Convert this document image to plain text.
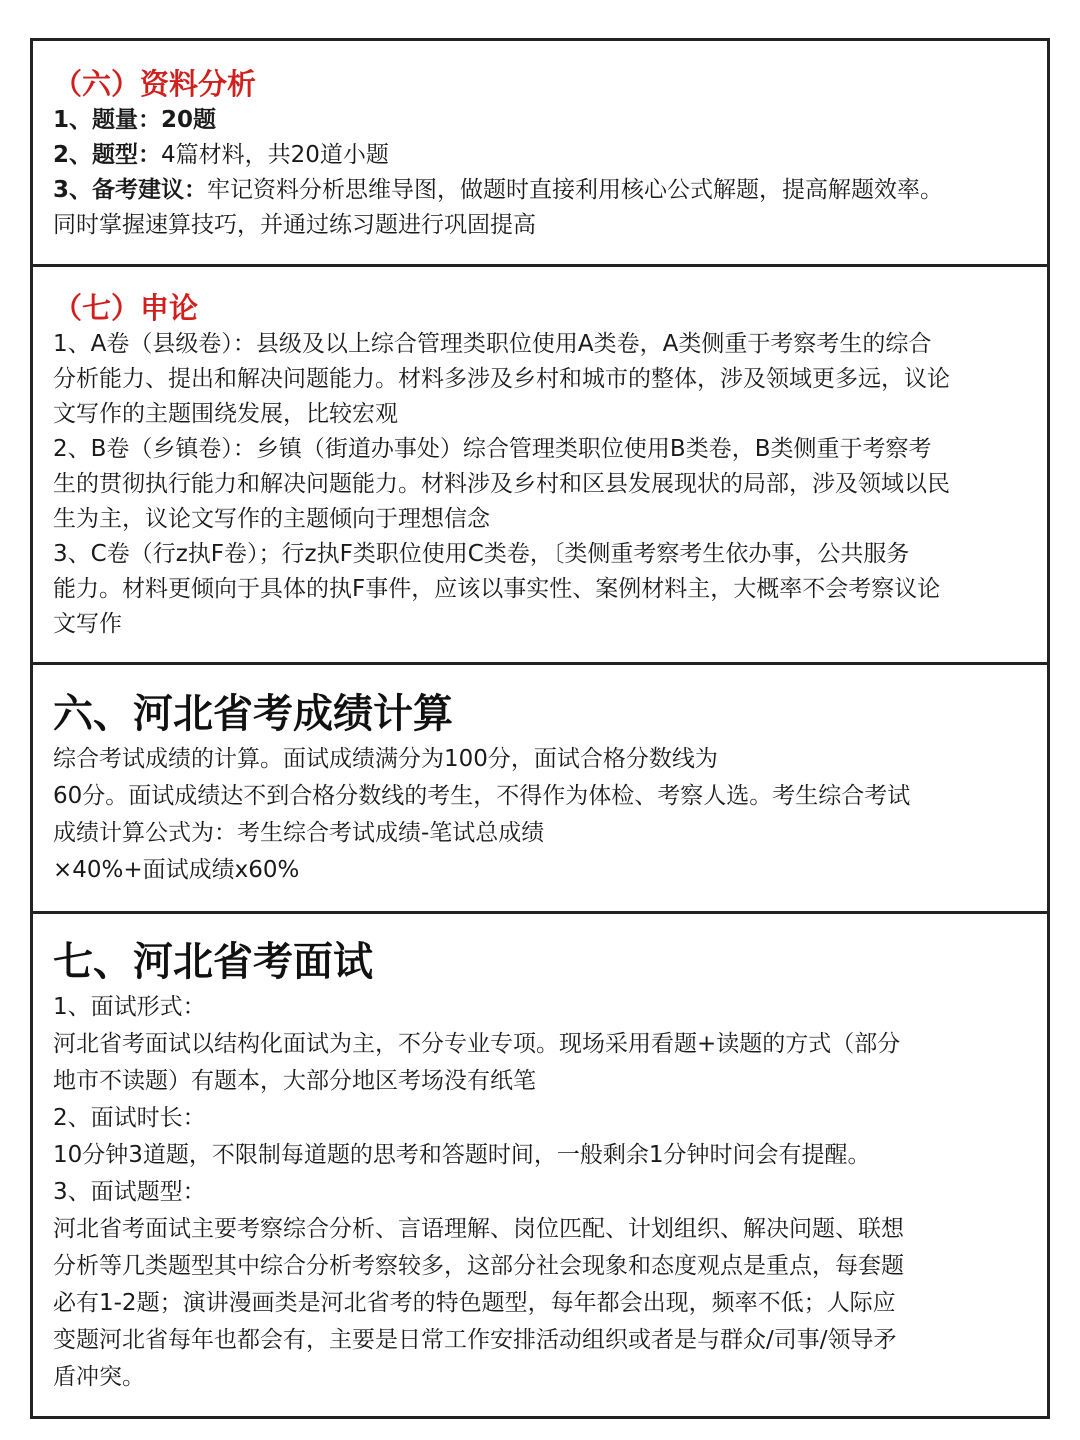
（六）资料分析

1、题量：20题

2、题型：4篇材料，共20道小题

3、备考建议：牢记资料分析思维导图，做题时直接利用核心公式解题，提高解题效率。

同时掌握速算技巧，并通过练习题进行巩固提高

（七）申论

1、A卷（县级卷）：县级及以上综合管理类职位使用A类卷，A类侧重于考察考生的综合

分析能力、提出和解决问题能力。材料多涉及乡村和城市的整体，涉及领域更多远，议论

文写作的主题围绕发展，比较宏观

2、B卷（乡镇卷）：乡镇（街道办事处）综合管理类职位使用B类卷，B类侧重于考察考

生的贯彻执行能力和解决问题能力。材料涉及乡村和区县发展现状的局部，涉及领域以民

生为主，议论文写作的主题倾向于理想信念

3、C卷（行z执F卷）；行z执F类职位使用C类卷，〔类侧重考察考生依办事，公共服务

能力。材料更倾向于具体的执F事件，应该以事实性、案例材料主，大概率不会考察议论

文写作

六、河北省考成绩计算

综合考试成绩的计算。面试成绩满分为100分，面试合格分数线为

60分。面试成绩达不到合格分数线的考生，不得作为体检、考察人选。考生综合考试

成绩计算公式为：考生综合考试成绩-笔试总成绩

×40%+面试成绩x60%

七、河北省考面试

1、面试形式：

河北省考面试以结构化面试为主，不分专业专项。现场采用看题+读题的方式（部分

地市不读题）有题本，大部分地区考场没有纸笔

2、面试时长：

10分钟3道题，不限制每道题的思考和答题时间，一般剩余1分钟时问会有提醒。

3、面试题型：

河北省考面试主要考察综合分析、言语理解、岗位匹配、计划组织、解决问题、联想

分析等几类题型其中综合分析考察较多，这部分社会现象和态度观点是重点，每套题

必有1-2题；演讲漫画类是河北省考的特色题型，每年都会出现，频率不低；人际应

变题河北省每年也都会有，主要是日常工作安排活动组织或者是与群众/司事/领导矛

盾冲突。
